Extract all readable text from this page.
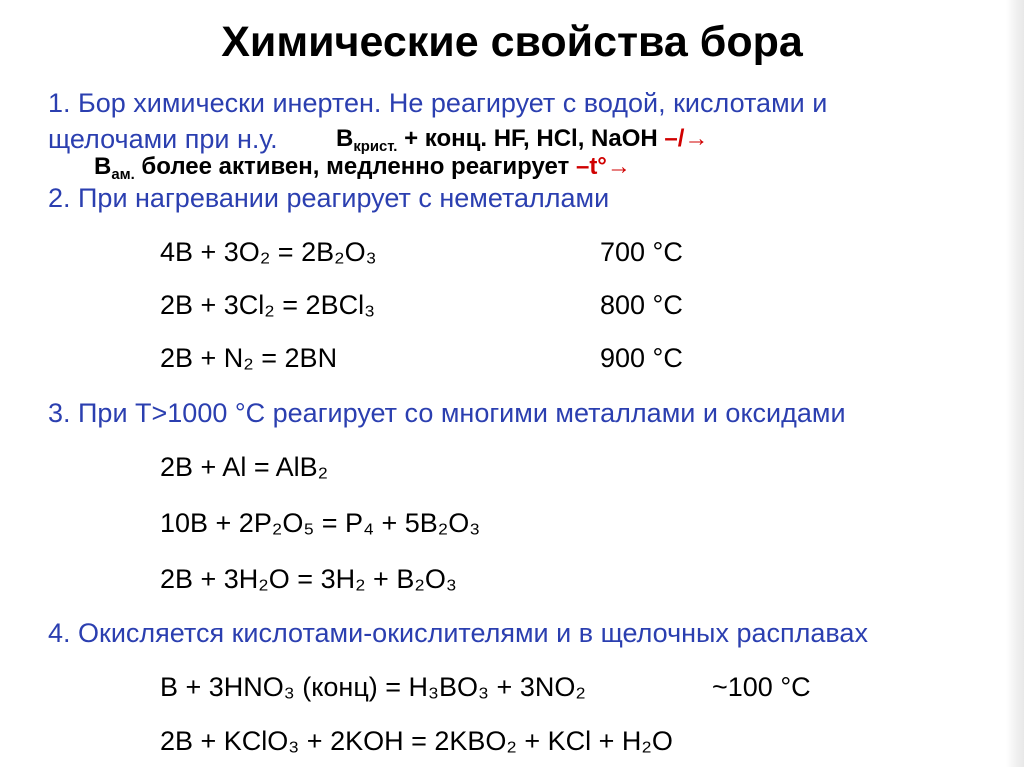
Химические свойства бора
1. Бор химически инертен. Не реагирует с водой, кислотами и
щелочами при н.у. $B_{крист.}$ + конц. HF, HCl, NaOH –/→
$B_{ам.}$ более активен, медленно реагирует –t°→
2. При нагревании реагирует с неметаллами
4B + 3O₂ = 2B₂O₃	700 °C
2B + 3Cl₂ = 2BCl₃	800 °C
2B + N₂ = 2BN	900 °C
3. При T>1000 °C реагирует со многими металлами и оксидами
2B + Al = AlB₂
10B + 2P₂O₅ = P₄ + 5B₂O₃
2B + 3H₂O = 3H₂ + B₂O₃
4. Окисляется кислотами-окислителями и в щелочных расплавах
B + 3HNO₃ (конц) = H₃BO₃ + 3NO₂	~100 °C
2B + KClO₃ + 2KOH = 2KBO₂ + KCl + H₂O
